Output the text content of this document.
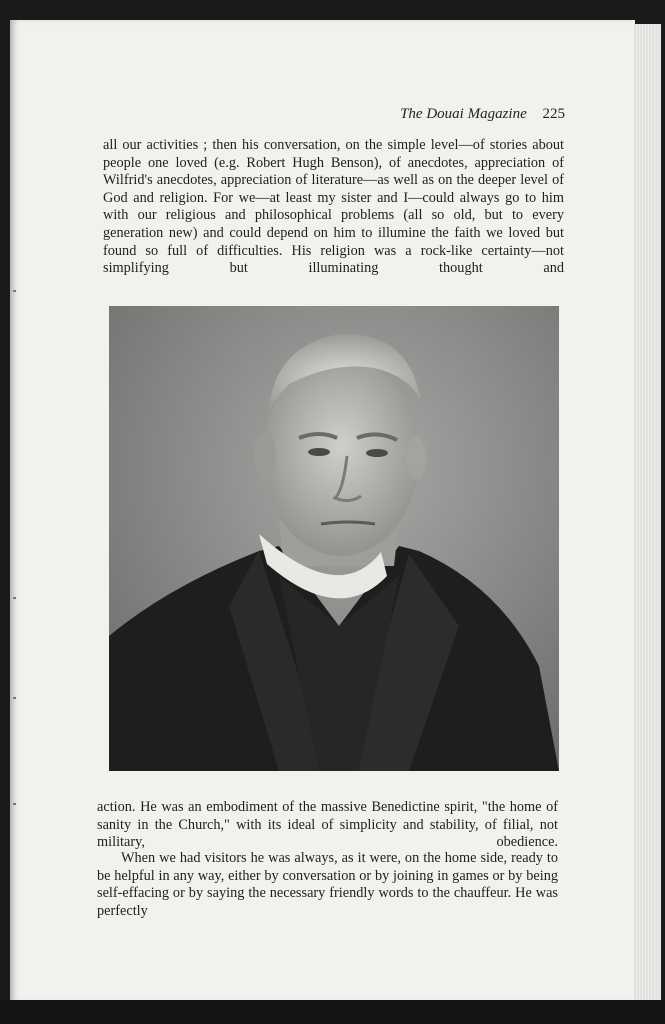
The Douai Magazine 225

all our activities ; then his conversation, on the simple level—of stories about people one loved (e.g. Robert Hugh Benson), of anecdotes, appreciation of Wilfrid's anecdotes, appreciation of literature—as well as on the deeper level of God and religion. For we—at least my sister and I—could always go to him with our religious and philosophical problems (all so old, but to every generation new) and could depend on him to illumine the faith we loved but found so full of difficulties. His religion was a rock-like certainty—not simplifying but illuminating thought and

action. He was an embodiment of the massive Benedictine spirit, "the home of sanity in the Church," with its ideal of simplicity and stability, of filial, not military, obedience.

When we had visitors he was always, as it were, on the home side, ready to be helpful in any way, either by conversation or by joining in games or by being self-effacing or by saying the necessary friendly words to the chauffeur. He was perfectly
